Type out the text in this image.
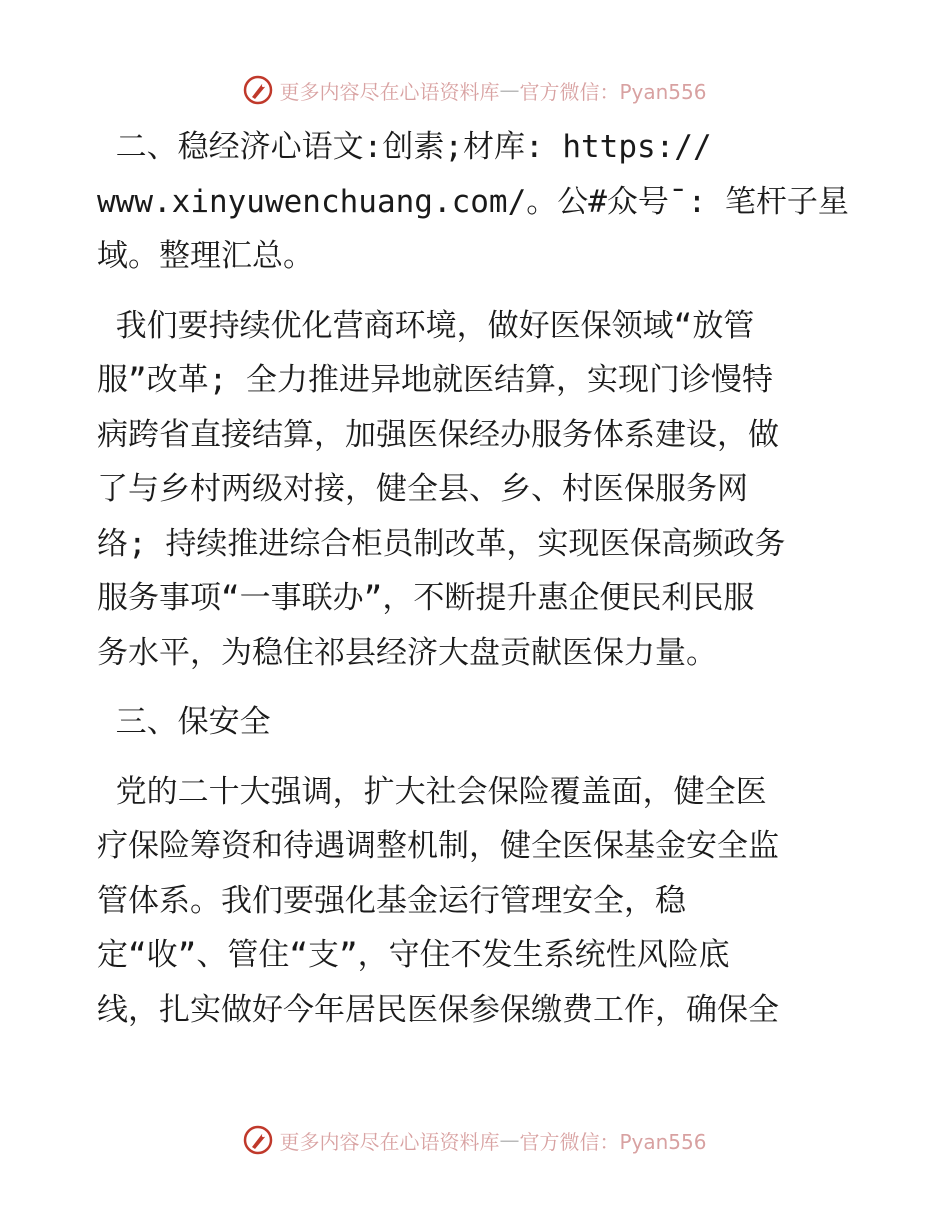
更多内容尽在心语资料库 — 官方微信：Pyan556

二、稳经济心语文:创素;材库: https://
www.xinyuwenchuang.com/。公#众号¯: 笔杆子星
域。整理汇总。

我们要持续优化营商环境，做好医保领域“放管
服”改革; 全力推进异地就医结算，实现门诊慢特
病跨省直接结算，加强医保经办服务体系建设，做
了与乡村两级对接，健全县、乡、村医保服务网
络; 持续推进综合柜员制改革，实现医保高频政务
服务事项“一事联办”，不断提升惠企便民利民服
务水平，为稳住祁县经济大盘贡献医保力量。

三、保安全

党的二十大强调，扩大社会保险覆盖面，健全医
疗保险筹资和待遇调整机制，健全医保基金安全监
管体系。我们要强化基金运行管理安全，稳
定“收”、管住“支”，守住不发生系统性风险底
线，扎实做好今年居民医保参保缴费工作，确保全

更多内容尽在心语资料库 — 官方微信：Pyan556
